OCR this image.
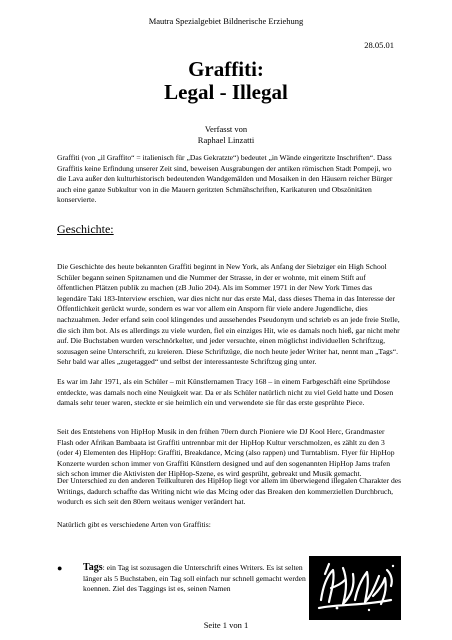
Mautra Spezialgebiet Bildnerische Erziehung
28.05.01
Graffiti:
Legal - Illegal
Verfasst von
Raphael Linzatti

Graffiti (von „il Graffito“ = italienisch für „Das Gekratzte“) bedeutet „in Wände eingeritzte Inschriften“. Dass Graffitis keine Erfindung unserer Zeit sind, beweisen Ausgrabungen der antiken römischen Stadt Pompeji, wo die Lava außer den kulturhistorisch bedeutenden Wandgemälden und Mosaiken in den Häusern reicher Bürger auch eine ganze Subkultur von in die Mauern geritzten Schmähschriften, Karikaturen und Obszönitäten konservierte.

Geschichte:

Die Geschichte des heute bekannten Graffiti beginnt in New York, als Anfang der Siebziger ein High School Schüler begann seinen Spitznamen und die Nummer der Strasse, in der er wohnte, mit einem Stift auf öffentlichen Plätzen publik zu machen (zB Julio 204). Als im Sommer 1971 in der New York Times das legendäre Taki 183-Interview erschien, war dies nicht nur das erste Mal, dass dieses Thema in das Interesse der Öffentlichkeit gerückt wurde, sondern es war vor allem ein Ansporn für viele andere Jugendliche, dies nachzuahmen. Jeder erfand sein cool klingendes und aussehendes Pseudonym und schrieb es an jede freie Stelle, die sich ihm bot. Als es allerdings zu viele wurden, fiel ein einziges Hit, wie es damals noch hieß, gar nicht mehr auf. Die Buchstaben wurden verschnörkelter, und jeder versuchte, einen möglichst individuellen Schriftzug, sozusagen seine Unterschrift, zu kreieren. Diese Schriftzüge, die noch heute jeder Writer hat, nennt man „Tags“. Sehr bald war alles „zugetagged“ und selbst der interessanteste Schriftzug ging unter.

Es war im Jahr 1971, als ein Schüler – mit Künstlernamen Tracy 168 – in einem Farbgeschäft eine Sprühdose entdeckte, was damals noch eine Neuigkeit war. Da er als Schüler natürlich nicht zu viel Geld hatte und Dosen damals sehr teuer waren, steckte er sie heimlich ein und verwendete sie für das erste gesprühte Piece.

Seit des Entstehens von HipHop Musik in den frühen 70ern durch Pioniere wie DJ Kool Herc, Grandmaster Flash oder Afrikan Bambaata ist Graffiti untrennbar mit der HipHop Kultur verschmolzen, es zählt zu den 3 (oder 4) Elementen des HipHop: Graffiti, Breakdance, Mcing (also rappen) und Turntablism. Flyer für HipHop Konzerte wurden schon immer von Graffiti Künstlern designed und auf den sogenannten HipHop Jams trafen sich schon immer die Aktivisten der HipHop-Szene, es wird gesprüht, gebreakt und Musik gemacht.

Der Unterschied zu den anderen Teilkulturen des HipHop liegt vor allem im überwiegend illegalen Charakter des Writings, dadurch schaffte das Writing nicht wie das Mcing oder das Breaken den kommerziellen Durchbruch, wodurch es sich seit den 80ern weitaus weniger verändert hat.

Natürlich gibt es verschiedene Arten von Graffitis:

● Tags: ein Tag ist sozusagen die Unterschrift eines Writers. Es ist selten länger als 5 Buchstaben, ein Tag soll einfach nur schnell gemacht werden koennen. Ziel des Taggings ist es, seinen Namen
Seite 1 von 1
